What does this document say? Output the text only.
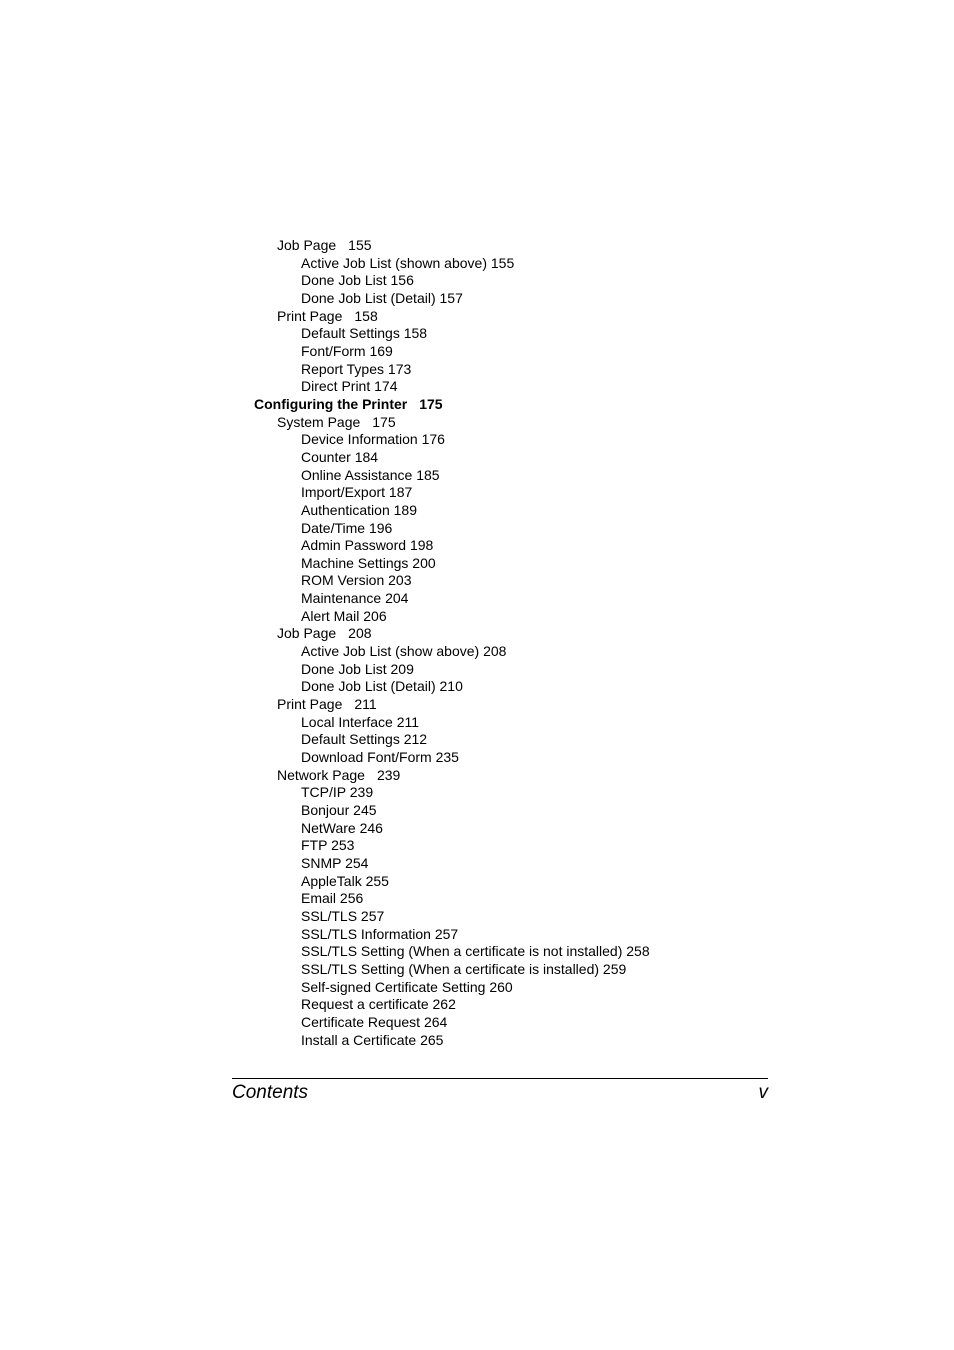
Job Page 155
Active Job List (shown above) 155
Done Job List 156
Done Job List (Detail) 157
Print Page 158
Default Settings 158
Font/Form 169
Report Types 173
Direct Print 174
Configuring the Printer 175
System Page 175
Device Information 176
Counter 184
Online Assistance 185
Import/Export 187
Authentication 189
Date/Time 196
Admin Password 198
Machine Settings 200
ROM Version 203
Maintenance 204
Alert Mail 206
Job Page 208
Active Job List (show above) 208
Done Job List 209
Done Job List (Detail) 210
Print Page 211
Local Interface 211
Default Settings 212
Download Font/Form 235
Network Page 239
TCP/IP 239
Bonjour 245
NetWare 246
FTP 253
SNMP 254
AppleTalk 255
Email 256
SSL/TLS 257
SSL/TLS Information 257
SSL/TLS Setting (When a certificate is not installed) 258
SSL/TLS Setting (When a certificate is installed) 259
Self-signed Certificate Setting 260
Request a certificate 262
Certificate Request 264
Install a Certificate 265
Contents	v
